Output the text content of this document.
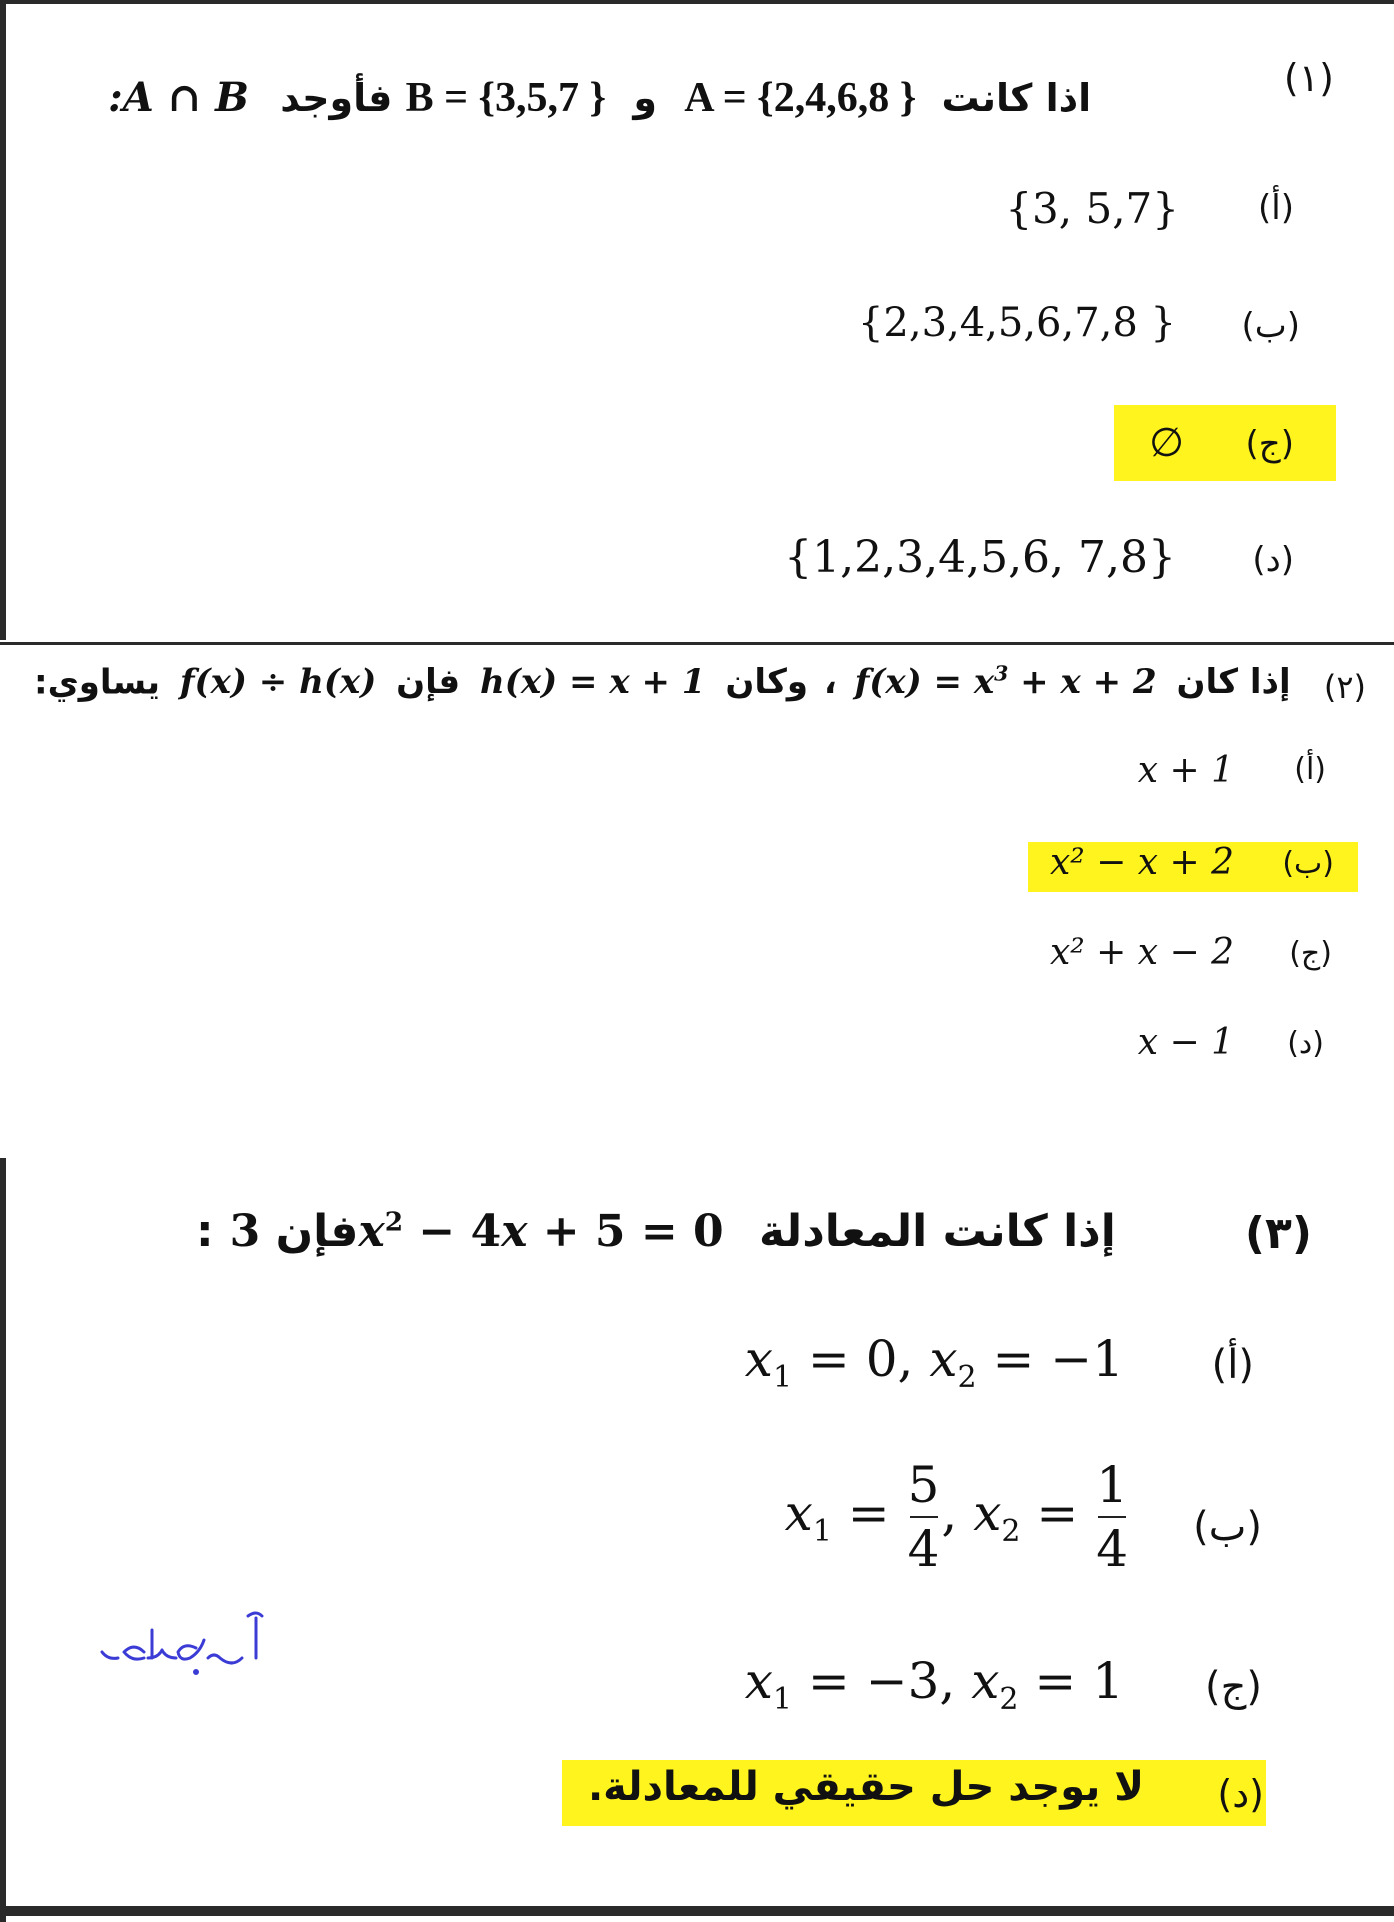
(١)
:A ∩ B فأوجد B = {3,5,7 } و A = {2,4,6,8 } اذا كانت
(أ)
{3, 5,7}
(ب)
{2,3,4,5,6,7,8 }
(ج)
∅
(د)
{1,2,3,4,5,6, 7,8}
(٢)
:يساوي f(x) ÷ h(x) فإن h(x) = x + 1 وكان ، $f(x) = x^3 + x + 2$ إذا كان
(أ)
x + 1
(ب)
x² − x + 2
(ج)
x² + x − 2
(د)
x − 1
(٣)
:فإن 3 $x^2 - 4x + 5 = 0$ إذا كانت المعادلة
(أ)
$x_1 = 0$, $x_2 = -1$
(ب)
$x_1 = \frac{5}{4}$ , $x_2 = \frac{1}{4}$
(ج)
$x_1 = -3$, $x_2 = 1$
(د)
لا يوجد حل حقيقي للمعادلة.
